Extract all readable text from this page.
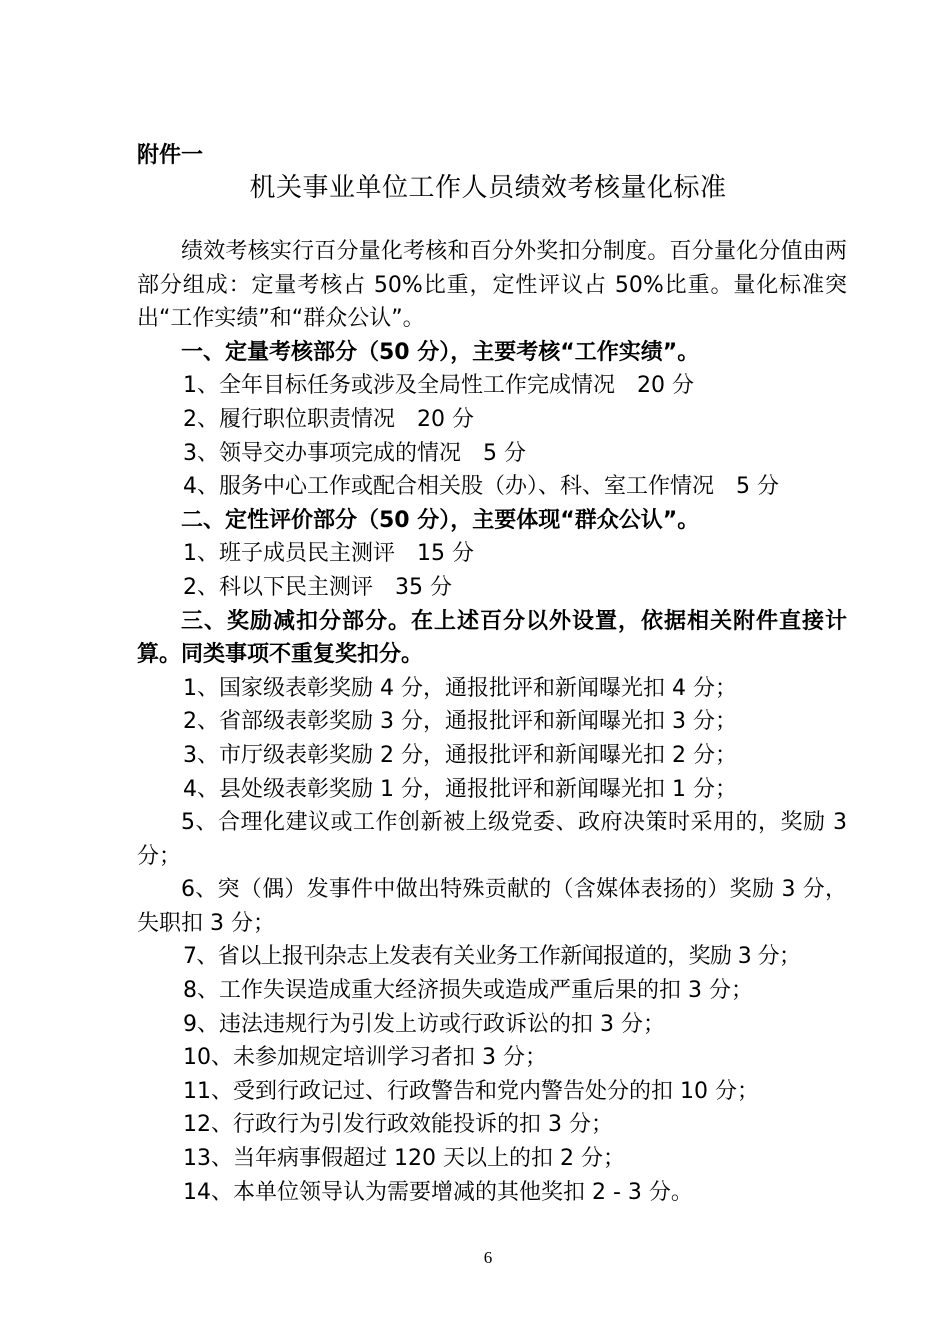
附件一
机关事业单位工作人员绩效考核量化标准

绩效考核实行百分量化考核和百分外奖扣分制度。百分量化分值由两部分组成：定量考核占 50%比重，定性评议占 50%比重。量化标准突出“工作实绩”和“群众公认”。

一、定量考核部分（50 分），主要考核“工作实绩”。

1、全年目标任务或涉及全局性工作完成情况　20 分

2、履行职位职责情况　20 分

3、领导交办事项完成的情况　5 分

4、服务中心工作或配合相关股（办）、科、室工作情况　5 分

二、定性评价部分（50 分），主要体现“群众公认”。

1、班子成员民主测评　15 分

2、科以下民主测评　35 分

三、奖励减扣分部分。在上述百分以外设置，依据相关附件直接计算。同类事项不重复奖扣分。

1、国家级表彰奖励 4 分，通报批评和新闻曝光扣 4 分；

2、省部级表彰奖励 3 分，通报批评和新闻曝光扣 3 分；

3、市厅级表彰奖励 2 分，通报批评和新闻曝光扣 2 分；

4、县处级表彰奖励 1 分，通报批评和新闻曝光扣 1 分；

5、合理化建议或工作创新被上级党委、政府决策时采用的，奖励 3 分；

6、突（偶）发事件中做出特殊贡献的（含媒体表扬的）奖励 3 分，失职扣 3 分；

7、省以上报刊杂志上发表有关业务工作新闻报道的，奖励 3 分；

8、工作失误造成重大经济损失或造成严重后果的扣 3 分；

9、违法违规行为引发上访或行政诉讼的扣 3 分；

10、未参加规定培训学习者扣 3 分；

11、受到行政记过、行政警告和党内警告处分的扣 10 分；

12、行政行为引发行政效能投诉的扣 3 分；

13、当年病事假超过 120 天以上的扣 2 分；

14、本单位领导认为需要增减的其他奖扣 2 - 3 分。

6
